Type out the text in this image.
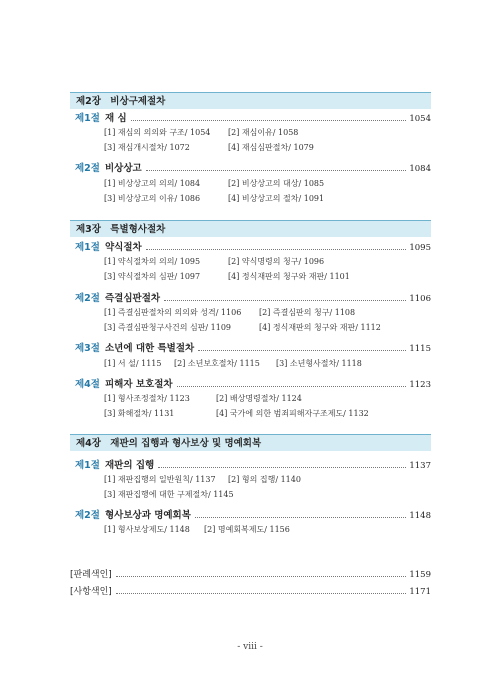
제2장 비상구제절차
제1절 재 심	1054
[1] 재심의 의의와 구조/ 1054 [2] 재심이유/ 1058
[3] 재심개시절차/ 1072	[4] 재심심판절차/ 1079
제2절 비상상고	1084
[1] 비상상고의 의의/ 1084	[2] 비상상고의 대상/ 1085
[3] 비상상고의 이유/ 1086	[4] 비상상고의 절차/ 1091
제3장 특별형사절차
제1절 약식절차	1095
[1] 약식절차의 의의/ 1095	[2] 약식명령의 청구/ 1096
[3] 약식절차의 심판/ 1097	[4] 정식재판의 청구와 재판/ 1101
제2절 즉결심판절차	1106
[1] 즉결심판절차의 의의와 성격/ 1106 [2] 즉결심판의 청구/ 1108
[3] 즉결심판청구사건의 심판/ 1109	[4] 정식재판의 청구와 재판/ 1112
제3절 소년에 대한 특별절차	1115
[1] 서 설/ 1115 [2] 소년보호절차/ 1115 [3] 소년형사절차/ 1118
제4절 피해자 보호절차	1123
[1] 형사조정절차/ 1123	[2] 배상명령절차/ 1124
[3] 화해절차/ 1131	[4] 국가에 의한 범죄피해자구조제도/ 1132
제4장 재판의 집행과 형사보상 및 명예회복
제1절 재판의 집행	1137
[1] 재판집행의 일반원칙/ 1137 [2] 형의 집행/ 1140
[3] 재판집행에 대한 구제절차/ 1145
제2절 형사보상과 명예회복	1148
[1] 형사보상제도/ 1148 [2] 명예회복제도/ 1156
[판례색인]	1159
[사항색인]	1171
- viii -
